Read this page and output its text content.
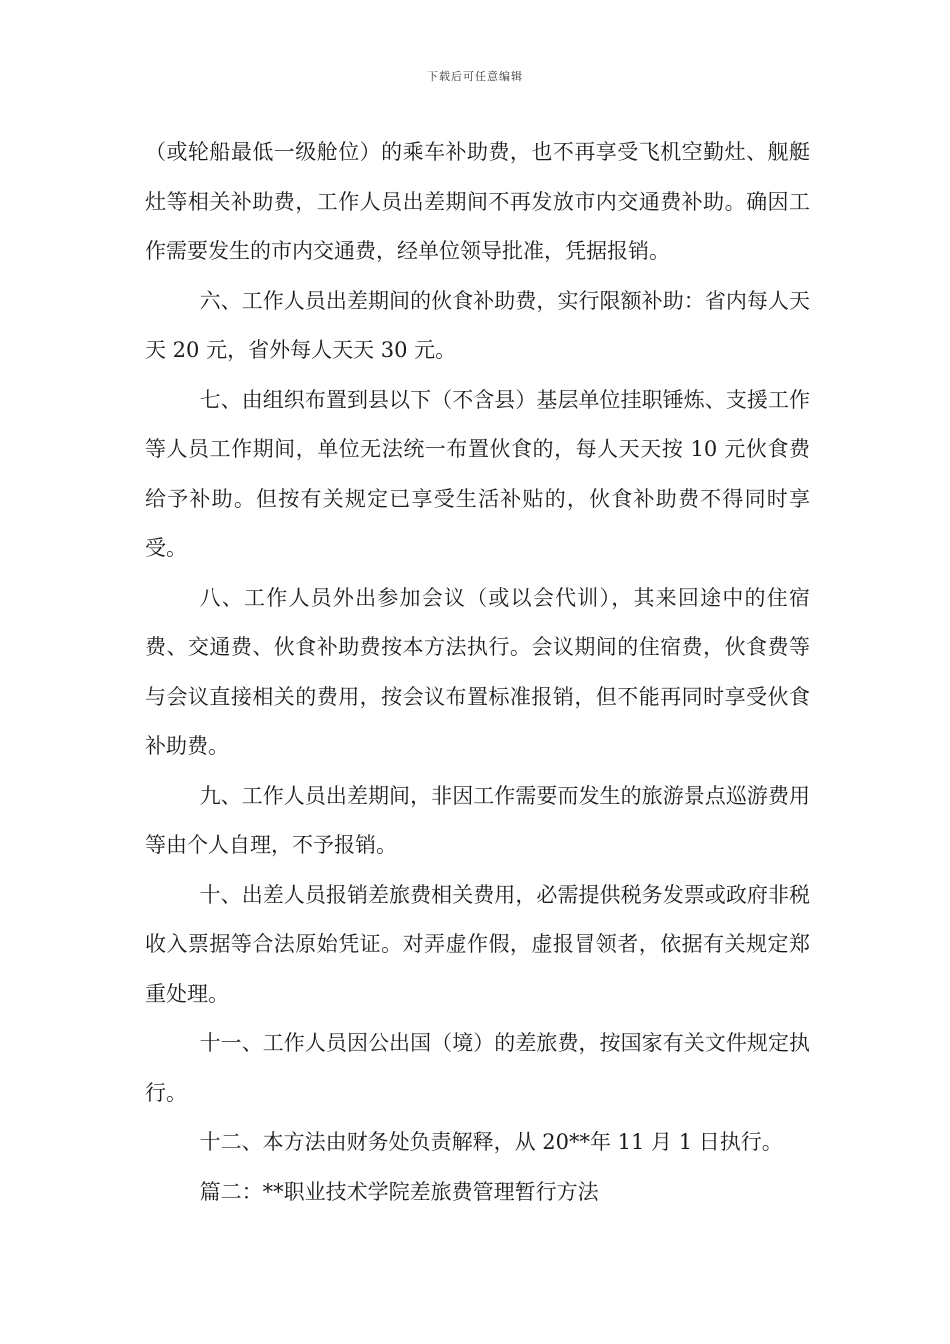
下载后可任意编辑

（或轮船最低一级舱位）的乘车补助费，也不再享受飞机空勤灶、舰艇灶等相关补助费，工作人员出差期间不再发放市内交通费补助。确因工作需要发生的市内交通费，经单位领导批准，凭据报销。

六、工作人员出差期间的伙食补助费，实行限额补助：省内每人天天 20 元，省外每人天天 30 元。

七、由组织布置到县以下（不含县）基层单位挂职锤炼、支援工作等人员工作期间，单位无法统一布置伙食的，每人天天按 10 元伙食费给予补助。但按有关规定已享受生活补贴的，伙食补助费不得同时享受。

八、工作人员外出参加会议（或以会代训），其来回途中的住宿费、交通费、伙食补助费按本方法执行。会议期间的住宿费，伙食费等与会议直接相关的费用，按会议布置标准报销，但不能再同时享受伙食补助费。

九、工作人员出差期间，非因工作需要而发生的旅游景点巡游费用等由个人自理，不予报销。

十、出差人员报销差旅费相关费用，必需提供税务发票或政府非税收入票据等合法原始凭证。对弄虚作假，虚报冒领者，依据有关规定郑重处理。

十一、工作人员因公出国（境）的差旅费，按国家有关文件规定执行。

十二、本方法由财务处负责解释，从 20**年 11 月 1 日执行。

篇二：**职业技术学院差旅费管理暂行方法
